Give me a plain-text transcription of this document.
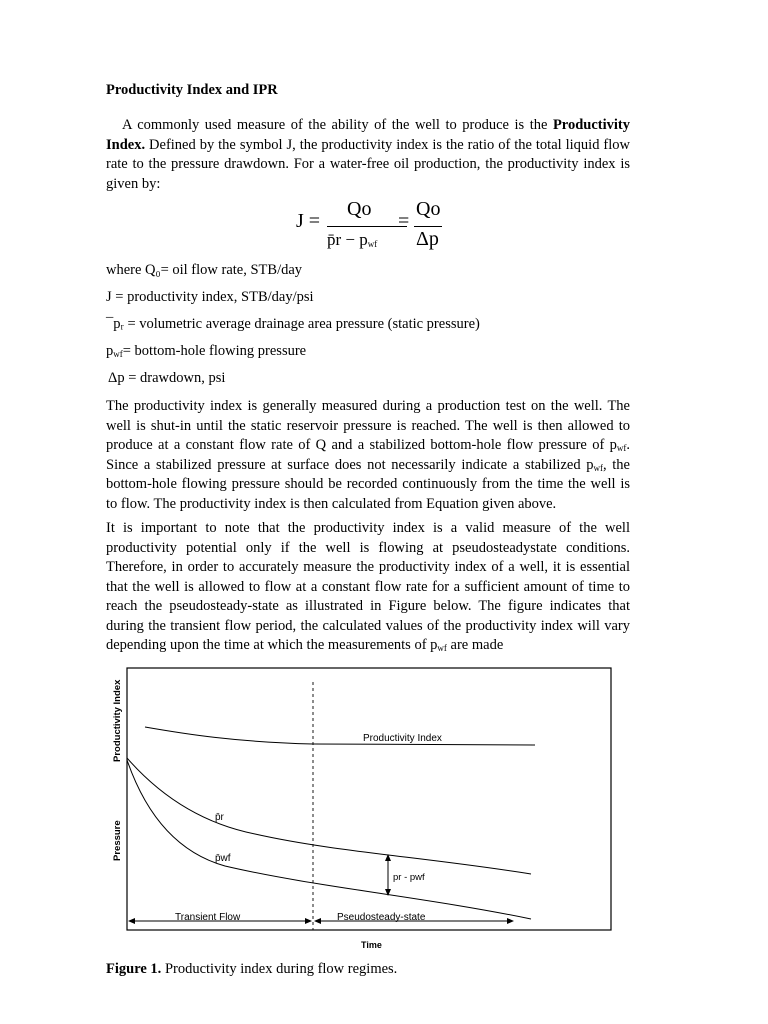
Productivity Index and IPR
A commonly used measure of the ability of the well to produce is the Productivity Index. Defined by the symbol J, the productivity index is the ratio of the total liquid flow rate to the pressure drawdown. For a water-free oil production, the productivity index is given by:
J =
Qo
p̄r − $p_{wf}$
=
Qo
Δp
where Q₀= oil flow rate, STB/day
J = productivity index, STB/day/psi
¯pᵣ = volumetric average drainage area pressure (static pressure)
$p_{wf}=$ bottom-hole flowing pressure
Δp = drawdown, psi
The productivity index is generally measured during a production test on the well. The well is shut-in until the static reservoir pressure is reached. The well is then allowed to produce at a constant flow rate of Q and a stabilized bottom-hole flow pressure of $p_{wf}$. Since a stabilized pressure at surface does not necessarily indicate a stabilized $p_{wf}$, the bottom-hole flowing pressure should be recorded continuously from the time the well is to flow. The productivity index is then calculated from Equation given above.
It is important to note that the productivity index is a valid measure of the well productivity potential only if the well is flowing at pseudosteadystate conditions. Therefore, in order to accurately measure the productivity index of a well, it is essential that the well is allowed to flow at a constant flow rate for a sufficient amount of time to reach the pseudosteady-state as illustrated in Figure below. The figure indicates that during the transient flow period, the calculated values of the productivity index will vary depending upon the time at which the measurements of $p_{wf}$ are made
Productivity Index
Pressure
Productivity Index
p̄r
p̄wf
pr - pwf
Transient Flow	Pseudosteady-state
Time
Figure 1. Productivity index during flow regimes.
